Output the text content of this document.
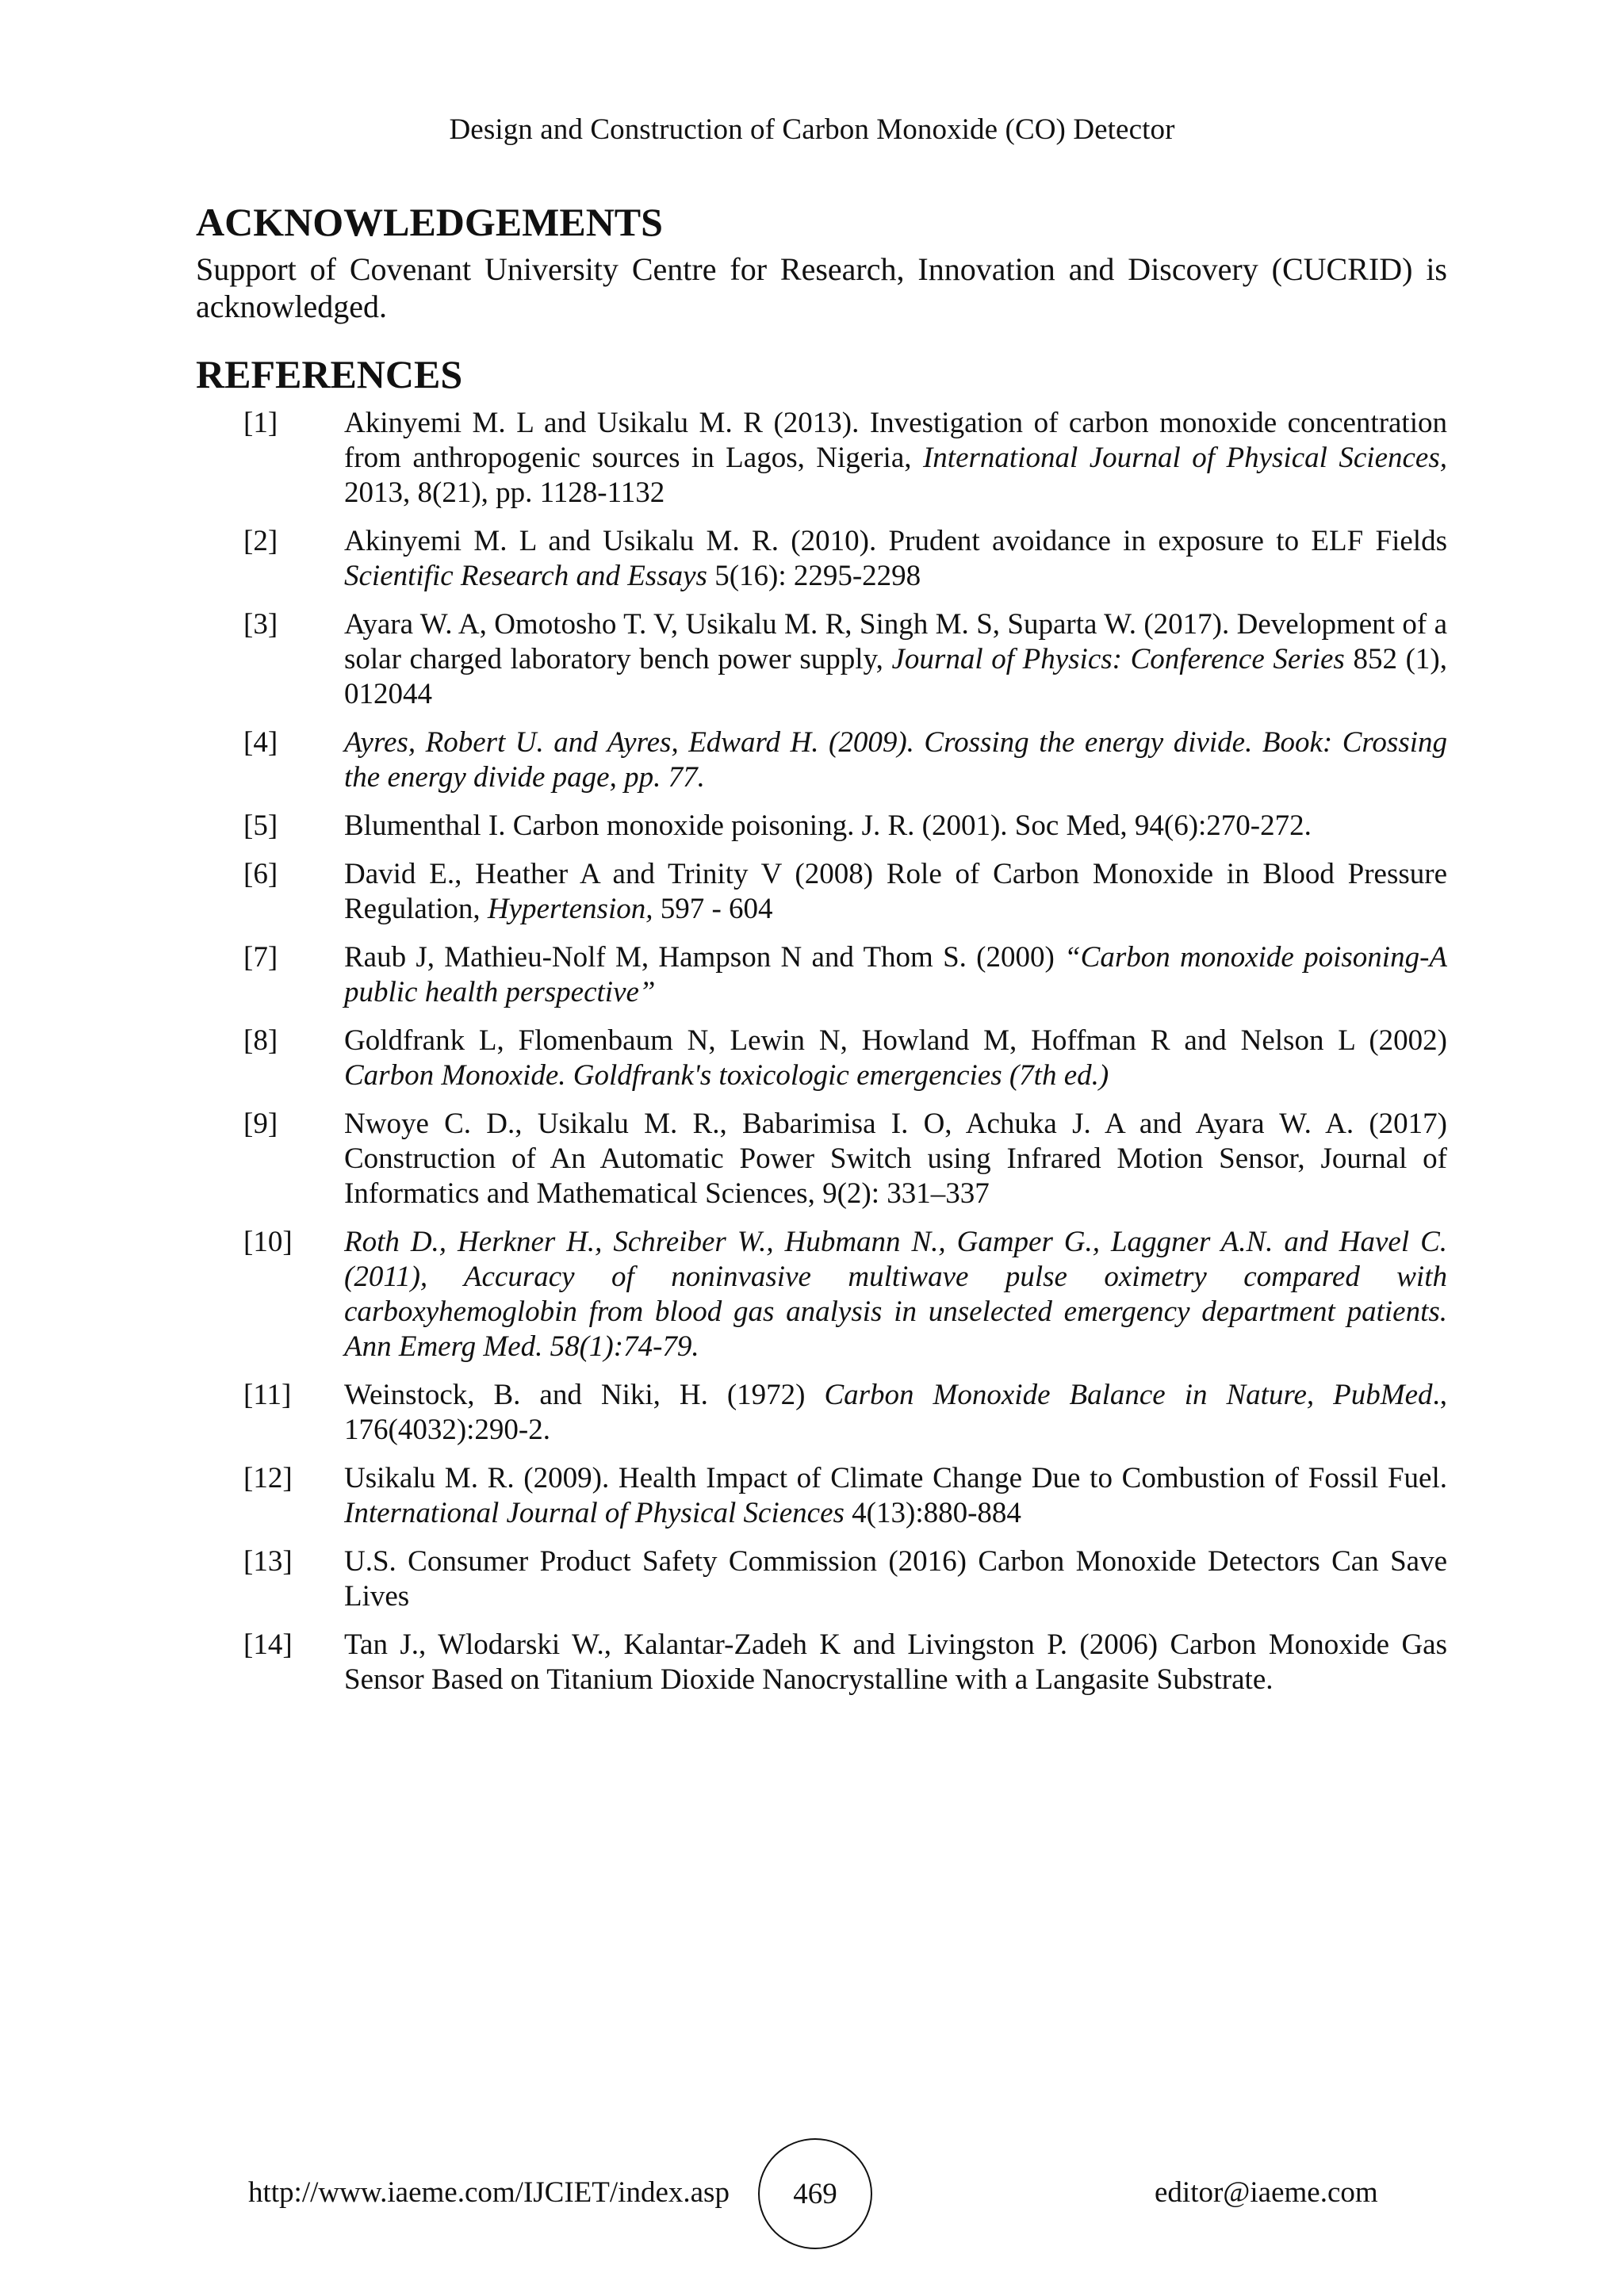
Design and Construction of Carbon Monoxide (CO) Detector
ACKNOWLEDGEMENTS

Support of Covenant University Centre for Research, Innovation and Discovery (CUCRID) is acknowledged.

REFERENCES
[1] Akinyemi M. L and Usikalu M. R (2013). Investigation of carbon monoxide concentration from anthropogenic sources in Lagos, Nigeria, International Journal of Physical Sciences, 2013, 8(21), pp. 1128-1132
[2] Akinyemi M. L and Usikalu M. R. (2010). Prudent avoidance in exposure to ELF Fields Scientific Research and Essays 5(16): 2295-2298
[3] Ayara W. A, Omotosho T. V, Usikalu M. R, Singh M. S, Suparta W. (2017). Development of a solar charged laboratory bench power supply, Journal of Physics: Conference Series 852 (1), 012044
[4] Ayres, Robert U. and Ayres, Edward H. (2009). Crossing the energy divide. Book: Crossing the energy divide page, pp. 77.
[5] Blumenthal I. Carbon monoxide poisoning. J. R. (2001). Soc Med, 94(6):270-272.
[6] David E., Heather A and Trinity V (2008) Role of Carbon Monoxide in Blood Pressure Regulation, Hypertension, 597 - 604
[7] Raub J, Mathieu-Nolf M, Hampson N and Thom S. (2000) “Carbon monoxide poisoning-A public health perspective”
[8] Goldfrank L, Flomenbaum N, Lewin N, Howland M, Hoffman R and Nelson L (2002) Carbon Monoxide. Goldfrank's toxicologic emergencies (7th ed.)
[9] Nwoye C. D., Usikalu M. R., Babarimisa I. O, Achuka J. A and Ayara W. A. (2017) Construction of An Automatic Power Switch using Infrared Motion Sensor, Journal of Informatics and Mathematical Sciences, 9(2): 331–337
[10] Roth D., Herkner H., Schreiber W., Hubmann N., Gamper G., Laggner A.N. and Havel C. (2011), Accuracy of noninvasive multiwave pulse oximetry compared with carboxyhemoglobin from blood gas analysis in unselected emergency department patients. Ann Emerg Med. 58(1):74-79.
[11] Weinstock, B. and Niki, H. (1972) Carbon Monoxide Balance in Nature, PubMed., 176(4032):290-2.
[12] Usikalu M. R. (2009). Health Impact of Climate Change Due to Combustion of Fossil Fuel. International Journal of Physical Sciences 4(13):880-884
[13] U.S. Consumer Product Safety Commission (2016) Carbon Monoxide Detectors Can Save Lives
[14] Tan J., Wlodarski W., Kalantar-Zadeh K and Livingston P. (2006) Carbon Monoxide Gas Sensor Based on Titanium Dioxide Nanocrystalline with a Langasite Substrate.
http://www.iaeme.com/IJCIET/index.asp	469	editor@iaeme.com
